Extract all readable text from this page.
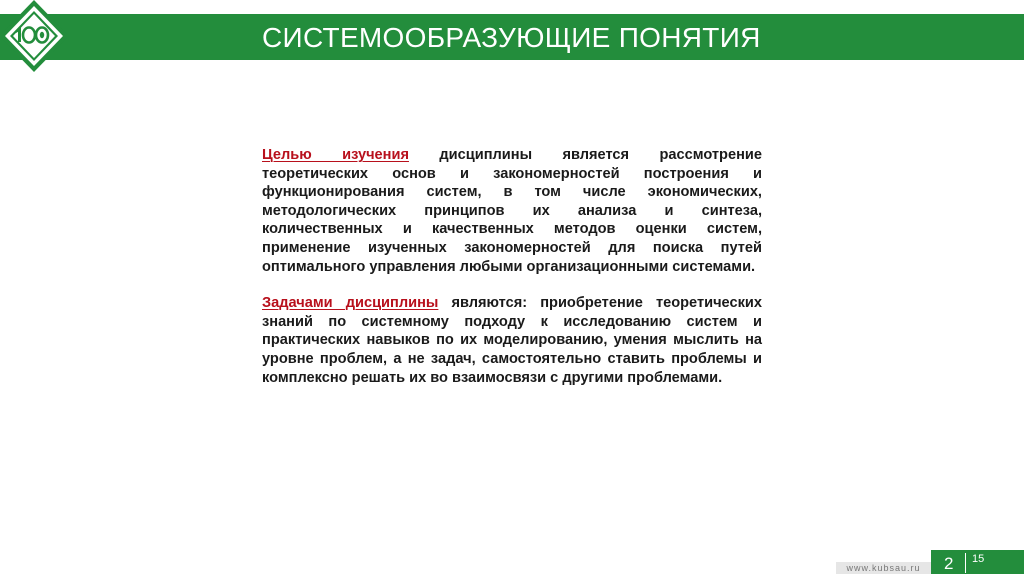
СИСТЕМООБРАЗУЮЩИЕ ПОНЯТИЯ

Целью изучения дисциплины является рассмотрение теоретических основ и закономерностей построения и функционирования систем, в том числе экономических, методологических принципов их анализа и синтеза, количественных и качественных методов оценки систем, применение изученных закономерностей для поиска путей оптимального управления любыми организационными системами.

Задачами дисциплины являются: приобретение теоретических знаний по системному подходу к исследованию систем и практических навыков по их моделированию, умения мыслить на уровне проблем, а не задач, самостоятельно ставить проблемы и комплексно решать их во взаимосвязи с другими проблемами.

www.kubsau.ru	2 15
